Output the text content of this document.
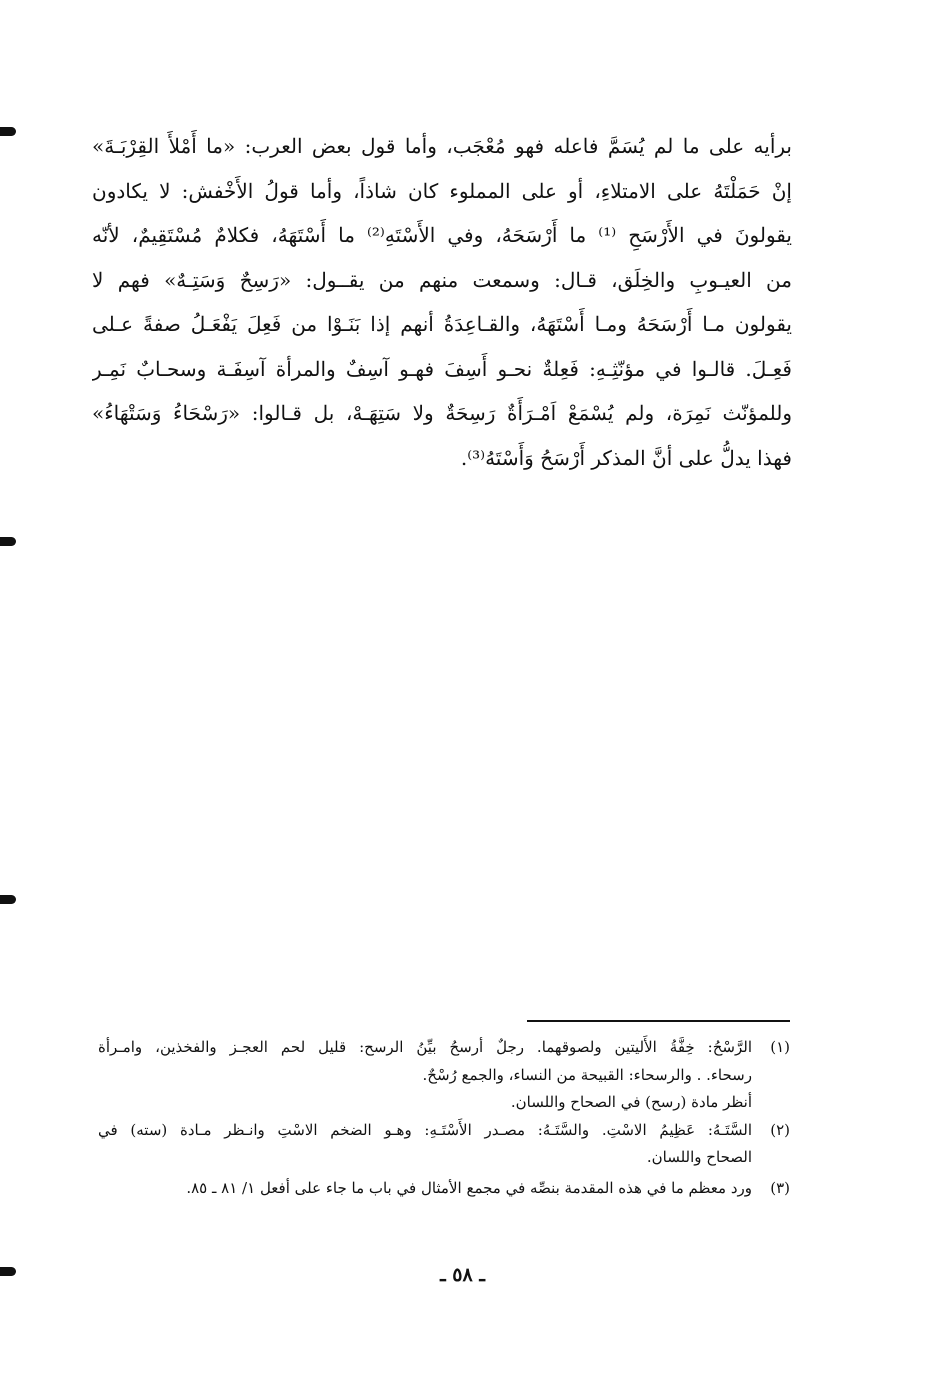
برأيه على ما لم يُسَمَّ فاعله فهو مُعْجَب، وأما قول بعض العرب: «ما أَمْلأَ القِرْبَـةَ»
إنْ حَمَلْتَهُ على الامتلاءِ، أو على المملوء كان شاذاً، وأما قولُ الأَخْفش: لا يكادون
يقولونَ في الأَرْسَحِ ⁽¹⁾ ما أَرْسَحَهُ، وفي الأَسْتَهِ⁽²⁾ ما أَسْتَهَهُ، فكلامٌ مُسْتَقِيمٌ، لأنّه
من العيـوبِ والخِلَق، قـال: وسمعت منهم من يقــول: «رَسِحٌ وَسَتِـهٌ» فهم لا
يقولون مـا أَرْسَحَهُ ومـا أَسْتَهَهُ، والقـاعِدَةُ أنهم إذا بَنَـوْا من فَعِلَ يَفْعَـلُ صفةً عـلى
فَعِـلَ. قالـوا في مؤنّثِـهِ: فَعِلةٌ نحـو أَسِفَ فهـو آسِفٌ والمرأة آسِفَـة وسحـابٌ نَمِـر
وللمؤنّث نَمِرَة، ولم يُسْمَعْ اَمْـرَأَةٌ رَسِحَةٌ ولا سَتِهَـهْ، بل قـالوا: «رَسْحَاءُ وَسَتْهَاءُ»
فهذا يدلُّ على أنَّ المذكر أَرْسَحُ وَأَسْتَهُ⁽³⁾.

(١)
الرَّسْحُ: خِفَّةُ الأَليتين ولصوقهما. رجلٌ أرسحُ بيِّنُ الرسح: قليل لحم العجـز والفخذين، وامـرأة
رسحاء. . والرسحاء: القبيحة من النساء، والجمع رُسْحٌ.
أنظر مادة (رسح) في الصحاح واللسان.
(٢)
السَّتَـهُ: عَظِيمُ الاسْتِ. والسَّتَـهُ: مصـدر الأَسْتَـهِ: وهـو الضخم الاسْتِ وانـظر مـادة (سته) في
الصحاح واللسان.
(٣)
ورد معظم ما في هذه المقدمة بنصِّه في مجمع الأمثال في باب ما جاء على أفعل ١/ ٨١ ـ ٨٥.

ـ ٥٨ ـ
